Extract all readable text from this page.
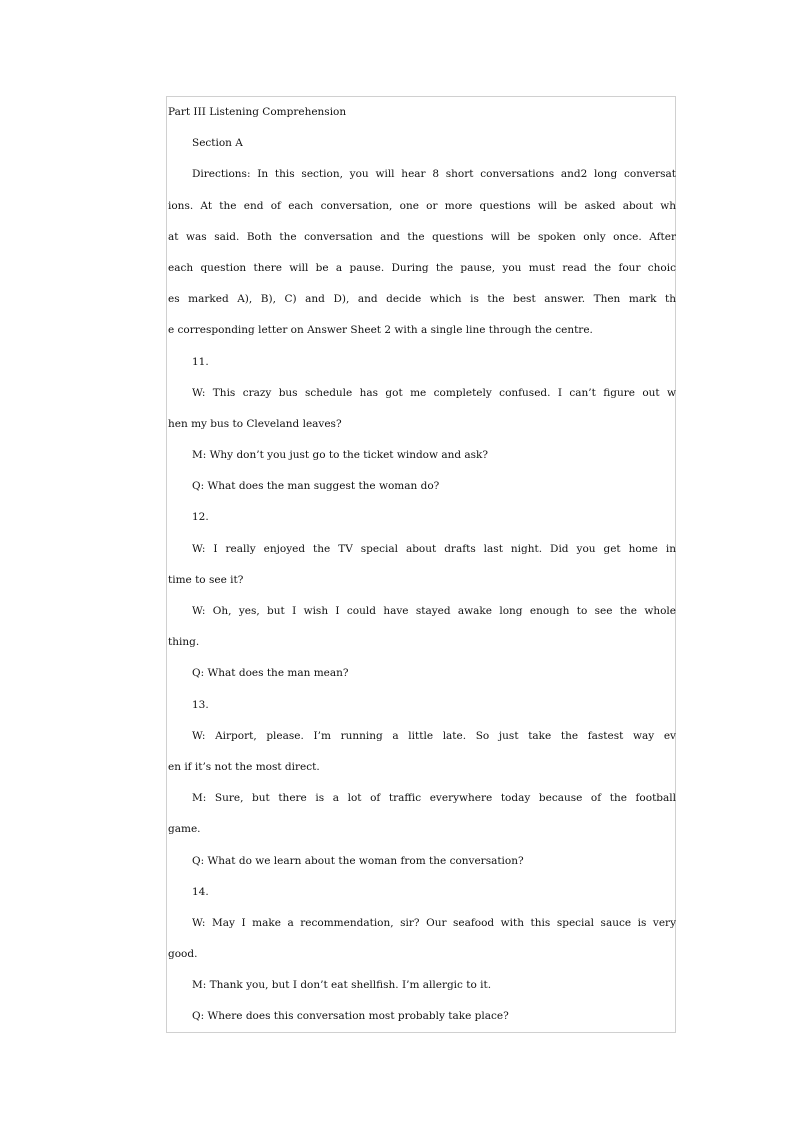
Part III Listening Comprehension
Section A
Directions: In this section, you will hear 8 short conversations and2 long conversat
ions. At the end of each conversation, one or more questions will be asked about wh
at was said. Both the conversation and the questions will be spoken only once. After
each question there will be a pause. During the pause, you must read the four choic
es marked A), B), C) and D), and decide which is the best answer. Then mark th
e corresponding letter on Answer Sheet 2 with a single line through the centre.
11.
W: This crazy bus schedule has got me completely confused. I can’t figure out w
hen my bus to Cleveland leaves?
M: Why don’t you just go to the ticket window and ask?
Q: What does the man suggest the woman do?
12.
W: I really enjoyed the TV special about drafts last night. Did you get home in
time to see it?
W: Oh, yes, but I wish I could have stayed awake long enough to see the whole
thing.
Q: What does the man mean?
13.
W: Airport, please. I’m running a little late. So just take the fastest way ev
en if it’s not the most direct.
M: Sure, but there is a lot of traffic everywhere today because of the football
game.
Q: What do we learn about the woman from the conversation?
14.
W: May I make a recommendation, sir? Our seafood with this special sauce is very
good.
M: Thank you, but I don’t eat shellfish. I’m allergic to it.
Q: Where does this conversation most probably take place?
